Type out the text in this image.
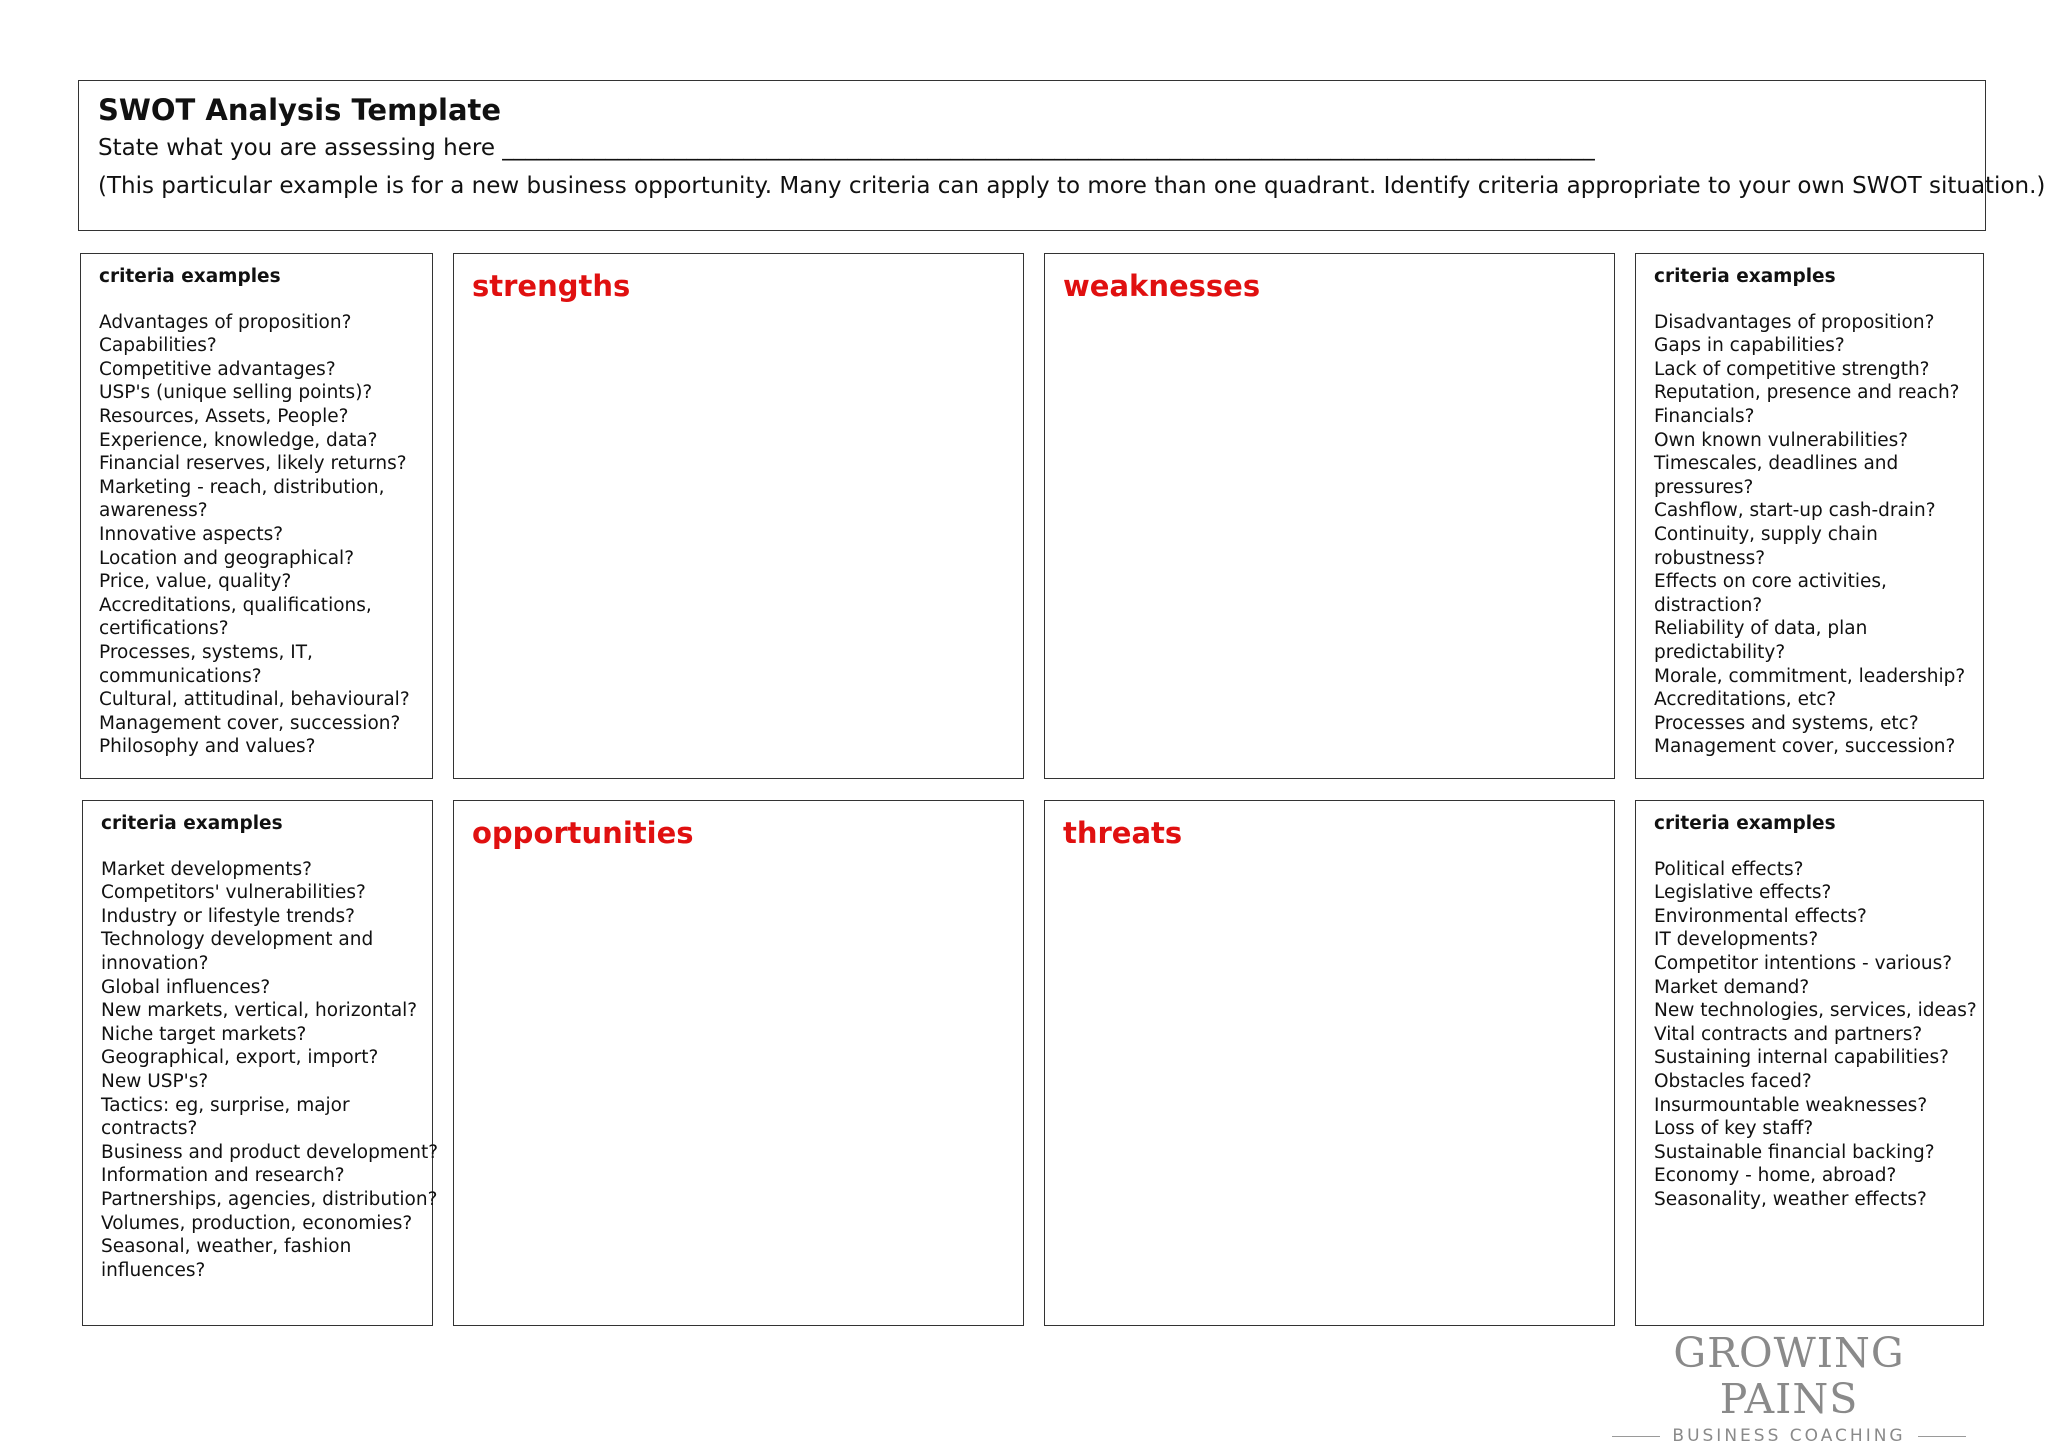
SWOT Analysis Template
State what you are assessing here _______________________________________________________________________________________________
(This particular example is for a new business opportunity. Many criteria can apply to more than one quadrant. Identify criteria appropriate to your own SWOT situation.)
criteria examples
Advantages of proposition?
Capabilities?
Competitive advantages?
USP's (unique selling points)?
Resources, Assets, People?
Experience, knowledge, data?
Financial reserves, likely returns?
Marketing - reach, distribution,
awareness?
Innovative aspects?
Location and geographical?
Price, value, quality?
Accreditations, qualifications,
certifications?
Processes, systems, IT,
communications?
Cultural, attitudinal, behavioural?
Management cover, succession?
Philosophy and values?
strengths	weaknesses	criteria examples
Disadvantages of proposition?
Gaps in capabilities?
Lack of competitive strength?
Reputation, presence and reach?
Financials?
Own known vulnerabilities?
Timescales, deadlines and
pressures?
Cashflow, start-up cash-drain?
Continuity, supply chain
robustness?
Effects on core activities,
distraction?
Reliability of data, plan
predictability?
Morale, commitment, leadership?
Accreditations, etc?
Processes and systems, etc?
Management cover, succession?
criteria examples
Market developments?
Competitors' vulnerabilities?
Industry or lifestyle trends?
Technology development and
innovation?
Global influences?
New markets, vertical, horizontal?
Niche target markets?
Geographical, export, import?
New USP's?
Tactics: eg, surprise, major
contracts?
Business and product development?
Information and research?
Partnerships, agencies, distribution?
Volumes, production, economies?
Seasonal, weather, fashion
influences?
opportunities	threats	criteria examples
Political effects?
Legislative effects?
Environmental effects?
IT developments?
Competitor intentions - various?
Market demand?
New technologies, services, ideas?
Vital contracts and partners?
Sustaining internal capabilities?
Obstacles faced?
Insurmountable weaknesses?
Loss of key staff?
Sustainable financial backing?
Economy - home, abroad?
Seasonality, weather effects?
GROWING PAINS
BUSINESS COACHING
